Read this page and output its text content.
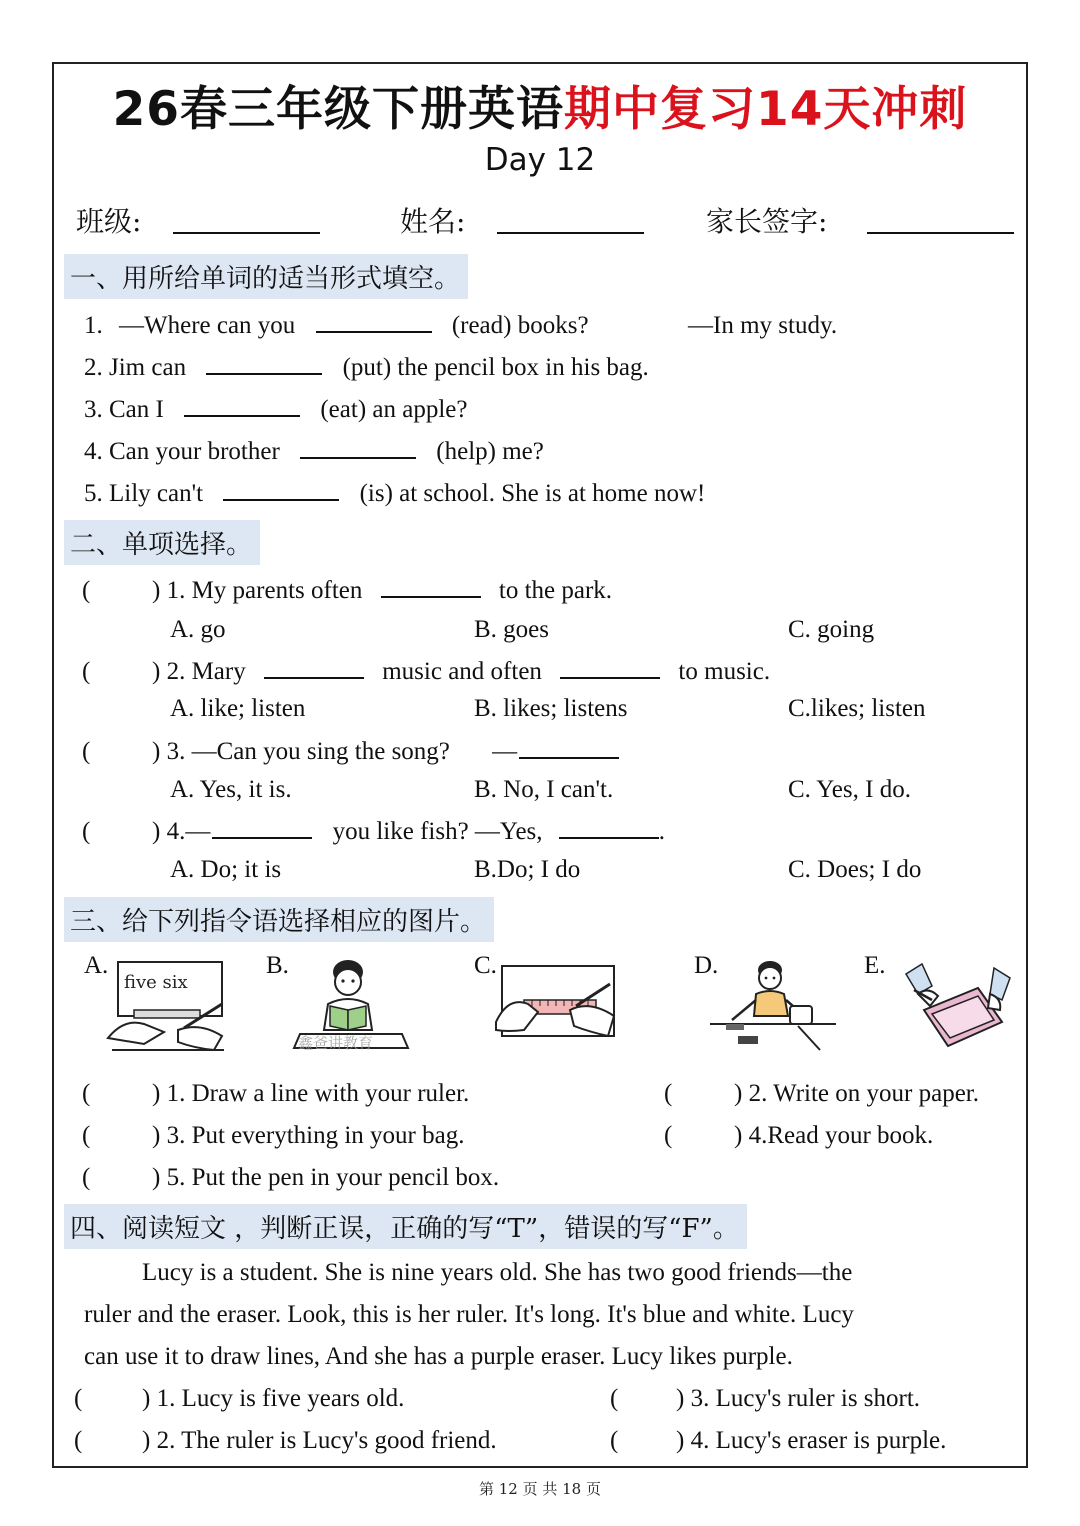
26春三年级下册英语期中复习14天冲刺
Day 12
班级:	姓名:	家长签字:
一、用所给单词的适当形式填空。
1. —Where can you	(read) books?	—In my study.
2. Jim can	(put) the pencil box in his bag.
3. Can I	(eat) an apple?
4. Can your brother	(help) me?
5. Lily can't	(is) at school. She is at home now!
二、单项选择。
( ) 1. My parents often	to the park.
A. go	B. goes	C. going
( ) 2. Mary	music and often	to music.
A. like; listen	B. likes; listens	C.likes; listen
( ) 3. —Can you sing the song? —
A. Yes, it is.	B. No, I can't.	C. Yes, I do.
( ) 4.—	you like fish? —Yes,	.
A. Do; it is	B.Do; I do	C. Does; I do
三、给下列指令语选择相应的图片。
A.	B.	C.	D.	E.
five six
鑫爸讲教育
( ) 1. Draw a line with your ruler.	( ) 2. Write on your paper.
( ) 3. Put everything in your bag.	( ) 4.Read your book.
( ) 5. Put the pen in your pencil box.
四、阅读短文 ，判断正误，正确的写“T”，错误的写“F”。
Lucy is a student. She is nine years old. She has two good friends—the
ruler and the eraser. Look, this is her ruler. It's long. It's blue and white. Lucy
can use it to draw lines, And she has a purple eraser. Lucy likes purple.
( ) 1. Lucy is five years old.	( ) 3. Lucy's ruler is short.
( ) 2. The ruler is Lucy's good friend.	( ) 4. Lucy's eraser is purple.
第 12 页 共 18 页
